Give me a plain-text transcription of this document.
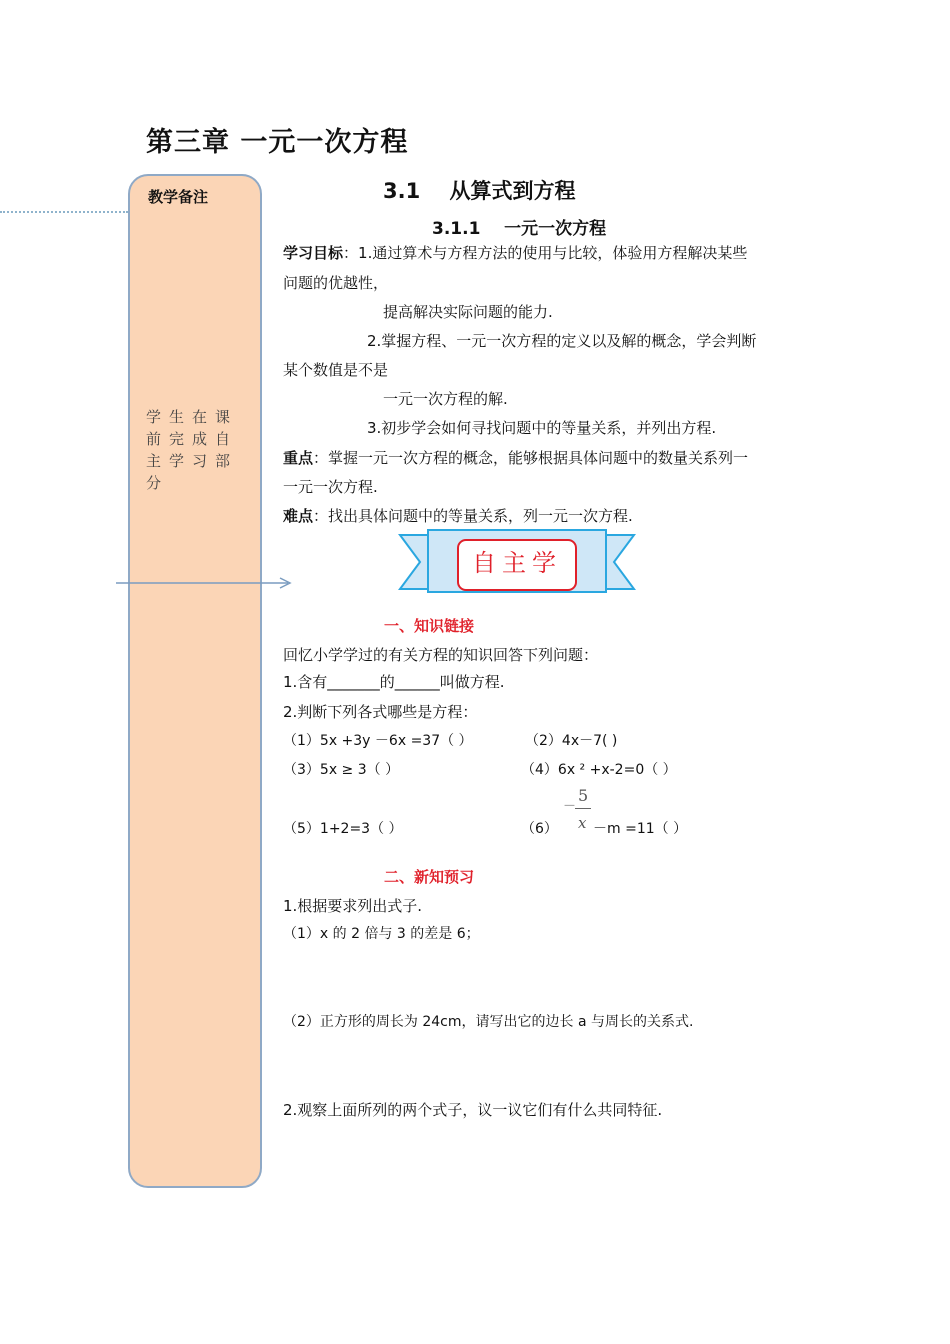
第三章 一元一次方程
教学备注
学生在课前完成自主学习部分
3.1    从算式到方程
3.1.1    一元一次方程
学习目标：1.通过算术与方程方法的使用与比较，体验用方程解决某些
问题的优越性，
提高解决实际问题的能力.
2.掌握方程、一元一次方程的定义以及解的概念，学会判断
某个数值是不是
一元一次方程的解.
3.初步学会如何寻找问题中的等量关系，并列出方程.
重点：掌握一元一次方程的概念，能够根据具体问题中的数量关系列一
一元一次方程.
难点：找出具体问题中的等量关系，列一元一次方程.
自主学
一、知识链接
回忆小学学过的有关方程的知识回答下列问题：
1.含有_______的______叫做方程.
2.判断下列各式哪些是方程：
（1）5x +3y －6x =37（ ）	（2）4x－7( )
（3）5x ≥ 3（ ）	（4）6x ² +x-2=0（ ）
（5）1+2=3（ ）	（6）
－
5
x －m =11（ ）
二、新知预习
1.根据要求列出式子.
（1）x 的 2 倍与 3 的差是 6；
（2）正方形的周长为 24cm，请写出它的边长 a 与周长的关系式.
2.观察上面所列的两个式子，议一议它们有什么共同特征.
